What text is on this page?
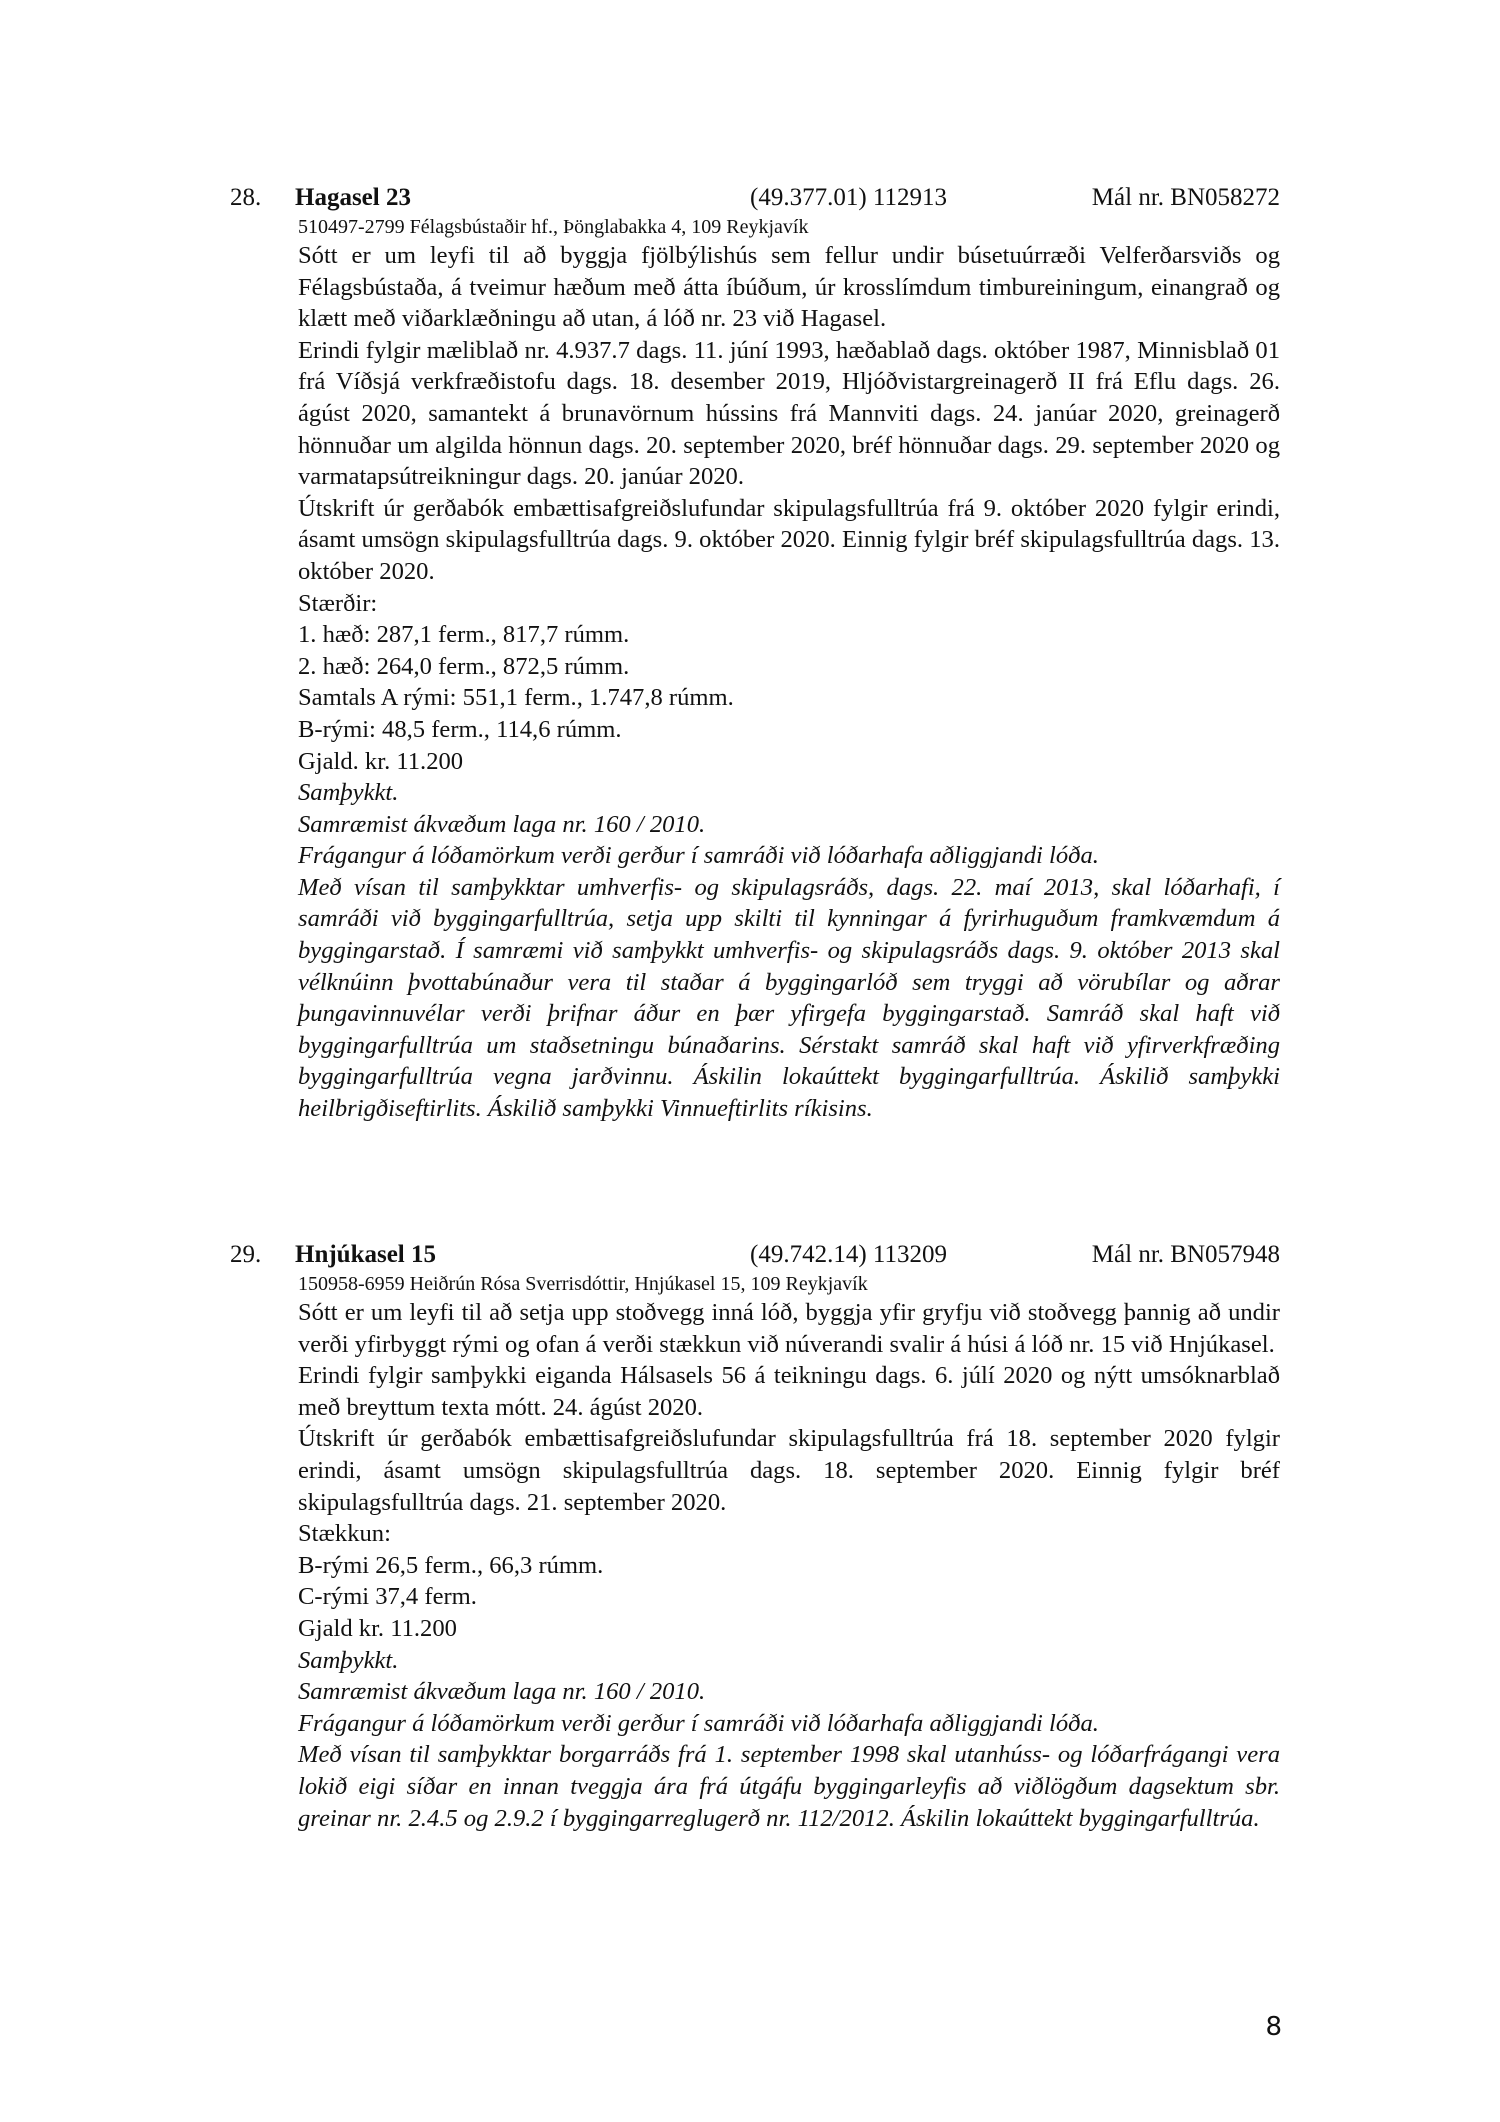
28. Hagasel 23	(49.377.01) 112913	Mál nr. BN058272
510497-2799 Félagsbústaðir hf., Þönglabakka 4, 109 Reykjavík

Sótt er um leyfi til að byggja fjölbýlishús sem fellur undir búsetuúrræði Velferðarsviðs og Félagsbústaða, á tveimur hæðum með átta íbúðum, úr krosslímdum timbureiningum, einangrað og klætt með viðarklæðningu að utan, á lóð nr. 23 við Hagasel.

Erindi fylgir mæliblað nr. 4.937.7 dags. 11. júní 1993, hæðablað dags. október 1987, Minnisblað 01 frá Víðsjá verkfræðistofu dags. 18. desember 2019, Hljóðvistargreinagerð II frá Eflu dags. 26. ágúst 2020, samantekt á brunavörnum hússins frá Mannviti dags. 24. janúar 2020, greinagerð hönnuðar um algilda hönnun dags. 20. september 2020, bréf hönnuðar dags. 29. september 2020 og varmatapsútreikningur dags. 20. janúar 2020.

Útskrift úr gerðabók embættisafgreiðslufundar skipulagsfulltrúa frá 9. október 2020 fylgir erindi, ásamt umsögn skipulagsfulltrúa dags. 9. október 2020. Einnig fylgir bréf skipulagsfulltrúa dags. 13. október 2020.

Stærðir:
1. hæð: 287,1 ferm., 817,7 rúmm.
2. hæð: 264,0 ferm., 872,5 rúmm.
Samtals A rými: 551,1 ferm., 1.747,8 rúmm.
B-rými: 48,5 ferm., 114,6 rúmm.
Gjald. kr. 11.200
Samþykkt.
Samræmist ákvæðum laga nr. 160 / 2010.
Frágangur á lóðamörkum verði gerður í samráði við lóðarhafa aðliggjandi lóða.

Með vísan til samþykktar umhverfis- og skipulagsráðs, dags. 22. maí 2013, skal lóðarhafi, í samráði við byggingarfulltrúa, setja upp skilti til kynningar á fyrirhuguðum framkvæmdum á byggingarstað. Í samræmi við samþykkt umhverfis- og skipulagsráðs dags. 9. október 2013 skal vélknúinn þvottabúnaður vera til staðar á byggingarlóð sem tryggi að vörubílar og aðrar þungavinnuvélar verði þrifnar áður en þær yfirgefa byggingarstað. Samráð skal haft við byggingarfulltrúa um staðsetningu búnaðarins. Sérstakt samráð skal haft við yfirverkfræðing byggingarfulltrúa vegna jarðvinnu. Áskilin lokaúttekt byggingarfulltrúa. Áskilið samþykki heilbrigðiseftirlits. Áskilið samþykki Vinnueftirlits ríkisins.

29. Hnjúkasel 15	(49.742.14) 113209	Mál nr. BN057948
150958-6959 Heiðrún Rósa Sverrisdóttir, Hnjúkasel 15, 109 Reykjavík

Sótt er um leyfi til að setja upp stoðvegg inná lóð, byggja yfir gryfju við stoðvegg þannig að undir verði yfirbyggt rými og ofan á verði stækkun við núverandi svalir á húsi á lóð nr. 15 við Hnjúkasel.

Erindi fylgir samþykki eiganda Hálsasels 56 á teikningu dags. 6. júlí 2020 og nýtt umsóknarblað með breyttum texta mótt. 24. ágúst 2020.

Útskrift úr gerðabók embættisafgreiðslufundar skipulagsfulltrúa frá 18. september 2020 fylgir erindi, ásamt umsögn skipulagsfulltrúa dags. 18. september 2020. Einnig fylgir bréf skipulagsfulltrúa dags. 21. september 2020.

Stækkun:
B-rými 26,5 ferm., 66,3 rúmm.
C-rými 37,4 ferm.
Gjald kr. 11.200
Samþykkt.
Samræmist ákvæðum laga nr. 160 / 2010.
Frágangur á lóðamörkum verði gerður í samráði við lóðarhafa aðliggjandi lóða.

Með vísan til samþykktar borgarráðs frá 1. september 1998 skal utanhúss- og lóðarfrágangi vera lokið eigi síðar en innan tveggja ára frá útgáfu byggingarleyfis að viðlögðum dagsektum sbr. greinar nr. 2.4.5 og 2.9.2 í byggingarreglugerð nr. 112/2012. Áskilin lokaúttekt byggingarfulltrúa.

8
